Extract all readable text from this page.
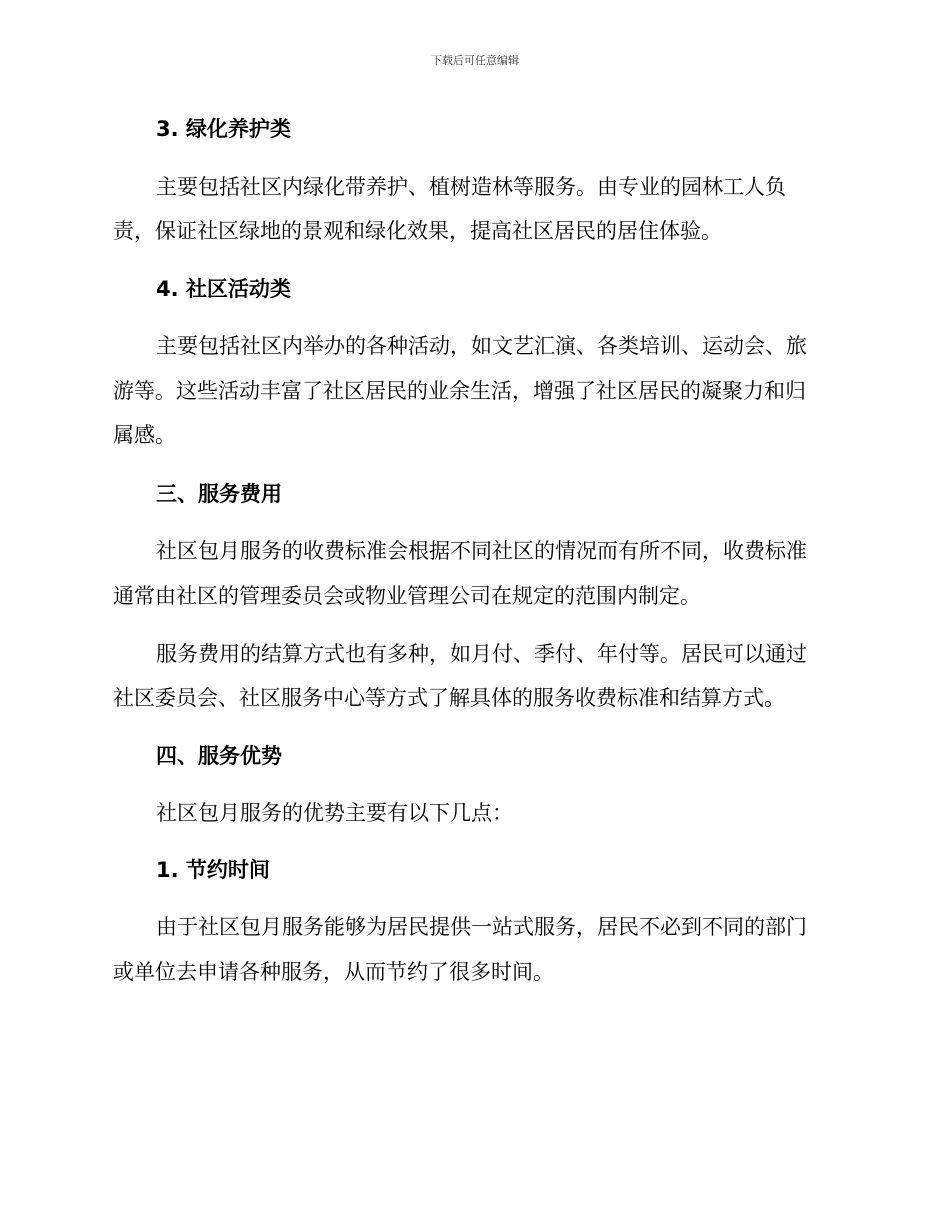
下载后可任意编辑
3. 绿化养护类
主要包括社区内绿化带养护、植树造林等服务。由专业的园林工人负
责，保证社区绿地的景观和绿化效果，提高社区居民的居住体验。
4. 社区活动类
主要包括社区内举办的各种活动，如文艺汇演、各类培训、运动会、旅
游等。这些活动丰富了社区居民的业余生活，增强了社区居民的凝聚力和归
属感。
三、服务费用
社区包月服务的收费标准会根据不同社区的情况而有所不同，收费标准
通常由社区的管理委员会或物业管理公司在规定的范围内制定。
服务费用的结算方式也有多种，如月付、季付、年付等。居民可以通过
社区委员会、社区服务中心等方式了解具体的服务收费标准和结算方式。
四、服务优势
社区包月服务的优势主要有以下几点：
1. 节约时间
由于社区包月服务能够为居民提供一站式服务，居民不必到不同的部门
或单位去申请各种服务，从而节约了很多时间。
